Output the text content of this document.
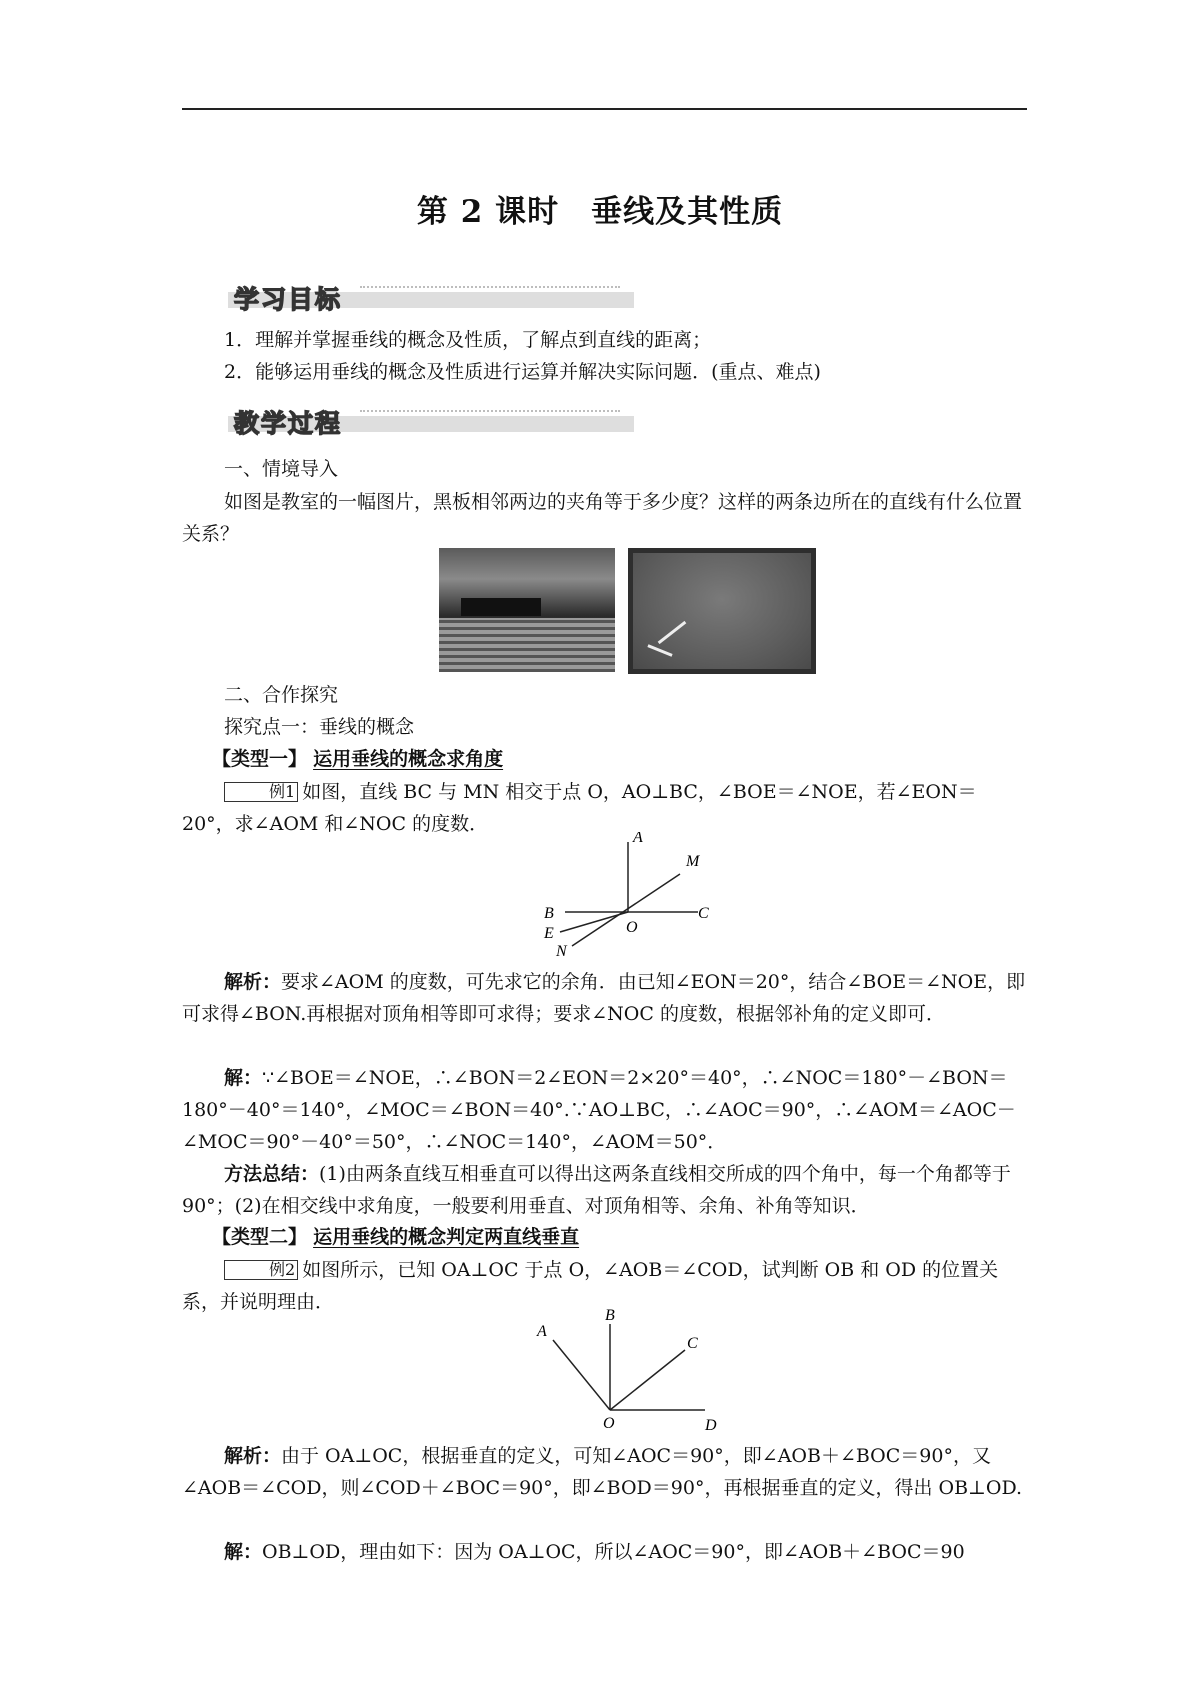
第 2 课时　垂线及其性质
学习目标
1．理解并掌握垂线的概念及性质，了解点到直线的距离；
2．能够运用垂线的概念及性质进行运算并解决实际问题．(重点、难点)
教学过程
一、情境导入
如图是教室的一幅图片，黑板相邻两边的夹角等于多少度？这样的两条边所在的直线有什么位置关系？
二、合作探究
探究点一：垂线的概念
【类型一】 运用垂线的概念求角度
例1 如图，直线 BC 与 MN 相交于点 O，AO⊥BC，∠BOE＝∠NOE，若∠EON＝20°，求∠AOM 和∠NOC 的度数．
A
M
B	C
O
E
N
解析：要求∠AOM 的度数，可先求它的余角．由已知∠EON＝20°，结合∠BOE＝∠NOE，即可求得∠BON.再根据对顶角相等即可求得；要求∠NOC 的度数，根据邻补角的定义即可．
解：∵∠BOE＝∠NOE，∴∠BON＝2∠EON＝2×20°＝40°，∴∠NOC＝180°－∠BON＝180°－40°＝140°，∠MOC＝∠BON＝40°.∵AO⊥BC，∴∠AOC＝90°，∴∠AOM＝∠AOC－∠MOC＝90°－40°＝50°，∴∠NOC＝140°，∠AOM＝50°．
方法总结：(1)由两条直线互相垂直可以得出这两条直线相交所成的四个角中，每一个角都等于 90°；(2)在相交线中求角度，一般要利用垂直、对顶角相等、余角、补角等知识．
【类型二】 运用垂线的概念判定两直线垂直
例2 如图所示，已知 OA⊥OC 于点 O，∠AOB＝∠COD，试判断 OB 和 OD 的位置关系，并说明理由．
A
B
C
O	D
解析：由于 OA⊥OC，根据垂直的定义，可知∠AOC＝90°，即∠AOB＋∠BOC＝90°，又∠AOB＝∠COD，则∠COD＋∠BOC＝90°，即∠BOD＝90°，再根据垂直的定义，得出 OB⊥OD.
解：OB⊥OD，理由如下：因为 OA⊥OC，所以∠AOC＝90°，即∠AOB＋∠BOC＝90
